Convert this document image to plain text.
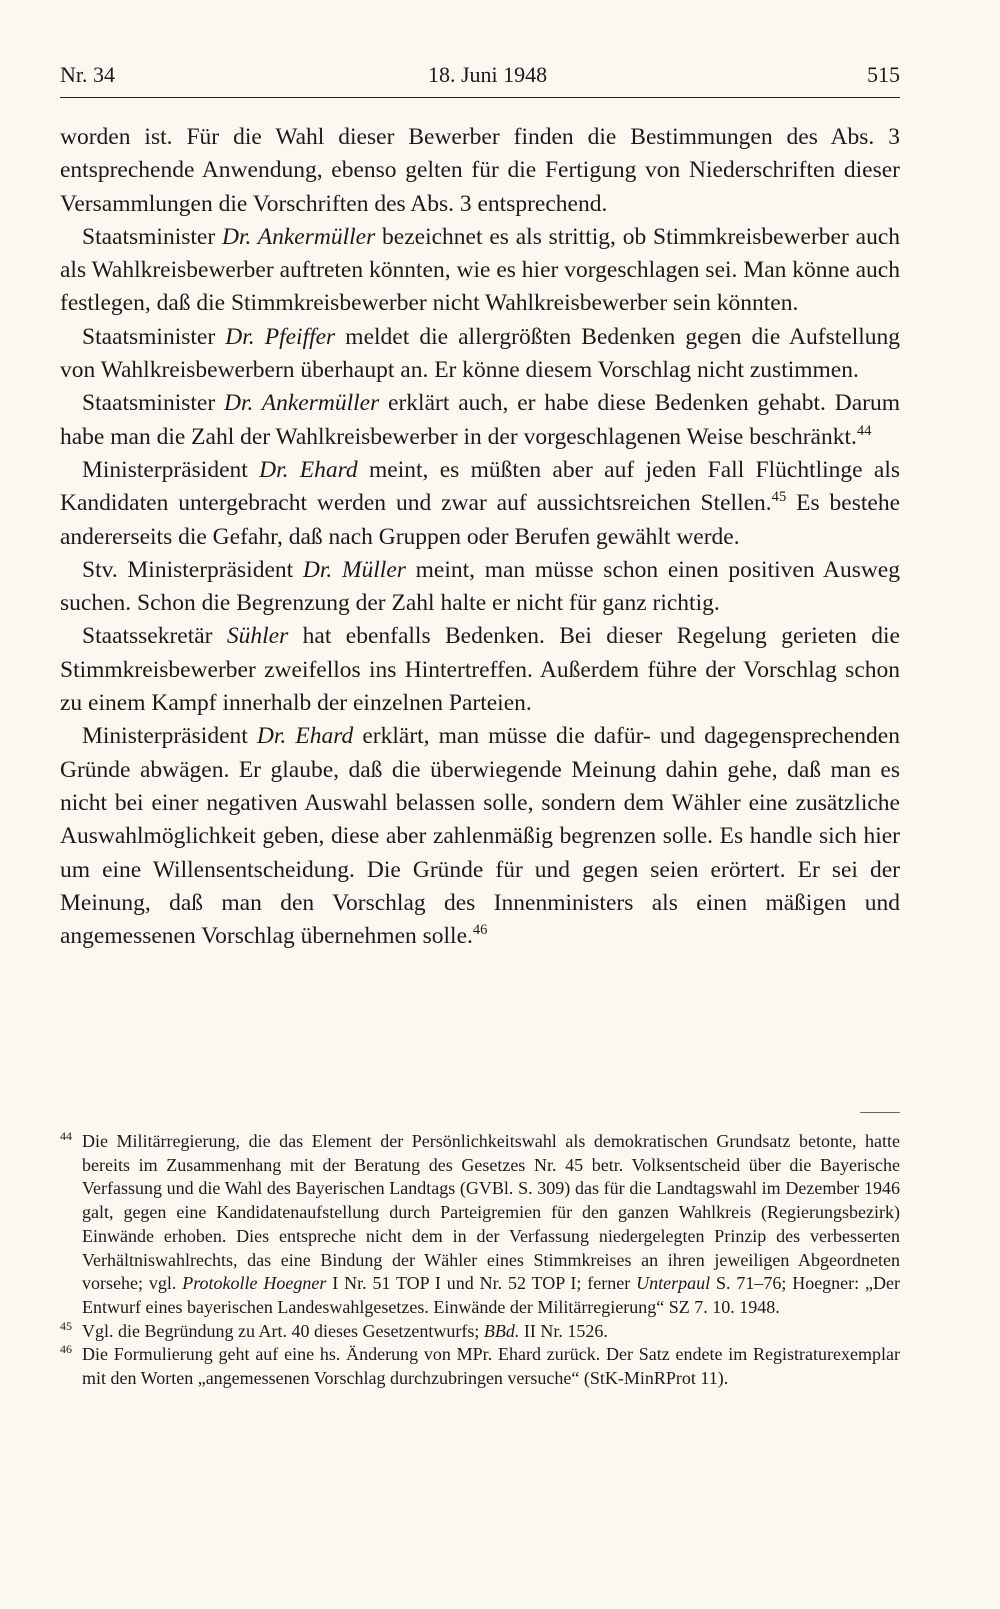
Nr. 34	18. Juni 1948	515

worden ist. Für die Wahl dieser Bewerber finden die Bestimmungen des Abs. 3 entsprechende Anwendung, ebenso gelten für die Fertigung von Niederschriften dieser Versammlungen die Vorschriften des Abs. 3 entsprechend.

Staatsminister Dr. Ankermüller bezeichnet es als strittig, ob Stimmkreisbewerber auch als Wahlkreisbewerber auftreten könnten, wie es hier vorgeschlagen sei. Man könne auch festlegen, daß die Stimmkreisbewerber nicht Wahlkreisbewerber sein könnten.

Staatsminister Dr. Pfeiffer meldet die allergrößten Bedenken gegen die Aufstellung von Wahlkreisbewerbern überhaupt an. Er könne diesem Vorschlag nicht zustimmen.

Staatsminister Dr. Ankermüller erklärt auch, er habe diese Bedenken gehabt. Darum habe man die Zahl der Wahlkreisbewerber in der vorgeschlagenen Weise beschränkt.$^{44}$

Ministerpräsident Dr. Ehard meint, es müßten aber auf jeden Fall Flüchtlinge als Kandidaten untergebracht werden und zwar auf aussichtsreichen Stellen.$^{45}$ Es bestehe andererseits die Gefahr, daß nach Gruppen oder Berufen gewählt werde.

Stv. Ministerpräsident Dr. Müller meint, man müsse schon einen positiven Ausweg suchen. Schon die Begrenzung der Zahl halte er nicht für ganz richtig.

Staatssekretär Sühler hat ebenfalls Bedenken. Bei dieser Regelung gerieten die Stimmkreisbewerber zweifellos ins Hintertreffen. Außerdem führe der Vorschlag schon zu einem Kampf innerhalb der einzelnen Parteien.

Ministerpräsident Dr. Ehard erklärt, man müsse die dafür- und dagegensprechenden Gründe abwägen. Er glaube, daß die überwiegende Meinung dahin gehe, daß man es nicht bei einer negativen Auswahl belassen solle, sondern dem Wähler eine zusätzliche Auswahlmöglichkeit geben, diese aber zahlenmäßig begrenzen solle. Es handle sich hier um eine Willensentscheidung. Die Gründe für und gegen seien erörtert. Er sei der Meinung, daß man den Vorschlag des Innenministers als einen mäßigen und angemessenen Vorschlag übernehmen solle.$^{46}$

44 Die Militärregierung, die das Element der Persönlichkeitswahl als demokratischen Grundsatz betonte, hatte bereits im Zusammenhang mit der Beratung des Gesetzes Nr. 45 betr. Volksentscheid über die Bayerische Verfassung und die Wahl des Bayerischen Landtags (GVBl. S. 309) das für die Landtagswahl im Dezember 1946 galt, gegen eine Kandidatenaufstellung durch Parteigremien für den ganzen Wahlkreis (Regierungsbezirk) Einwände erhoben. Dies entspreche nicht dem in der Verfassung niedergelegten Prinzip des verbesserten Verhältniswahlrechts, das eine Bindung der Wähler eines Stimmkreises an ihren jeweiligen Abgeordneten vorsehe; vgl. Protokolle Hoegner I Nr. 51 TOP I und Nr. 52 TOP I; ferner Unterpaul S. 71–76; Hoegner: „Der Entwurf eines bayerischen Landeswahlgesetzes. Einwände der Militärregierung“ SZ 7. 10. 1948.

45 Vgl. die Begründung zu Art. 40 dieses Gesetzentwurfs; BBd. II Nr. 1526.

46 Die Formulierung geht auf eine hs. Änderung von MPr. Ehard zurück. Der Satz endete im Registraturexemplar mit den Worten „angemessenen Vorschlag durchzubringen versuche“ (StK-MinRProt 11).
